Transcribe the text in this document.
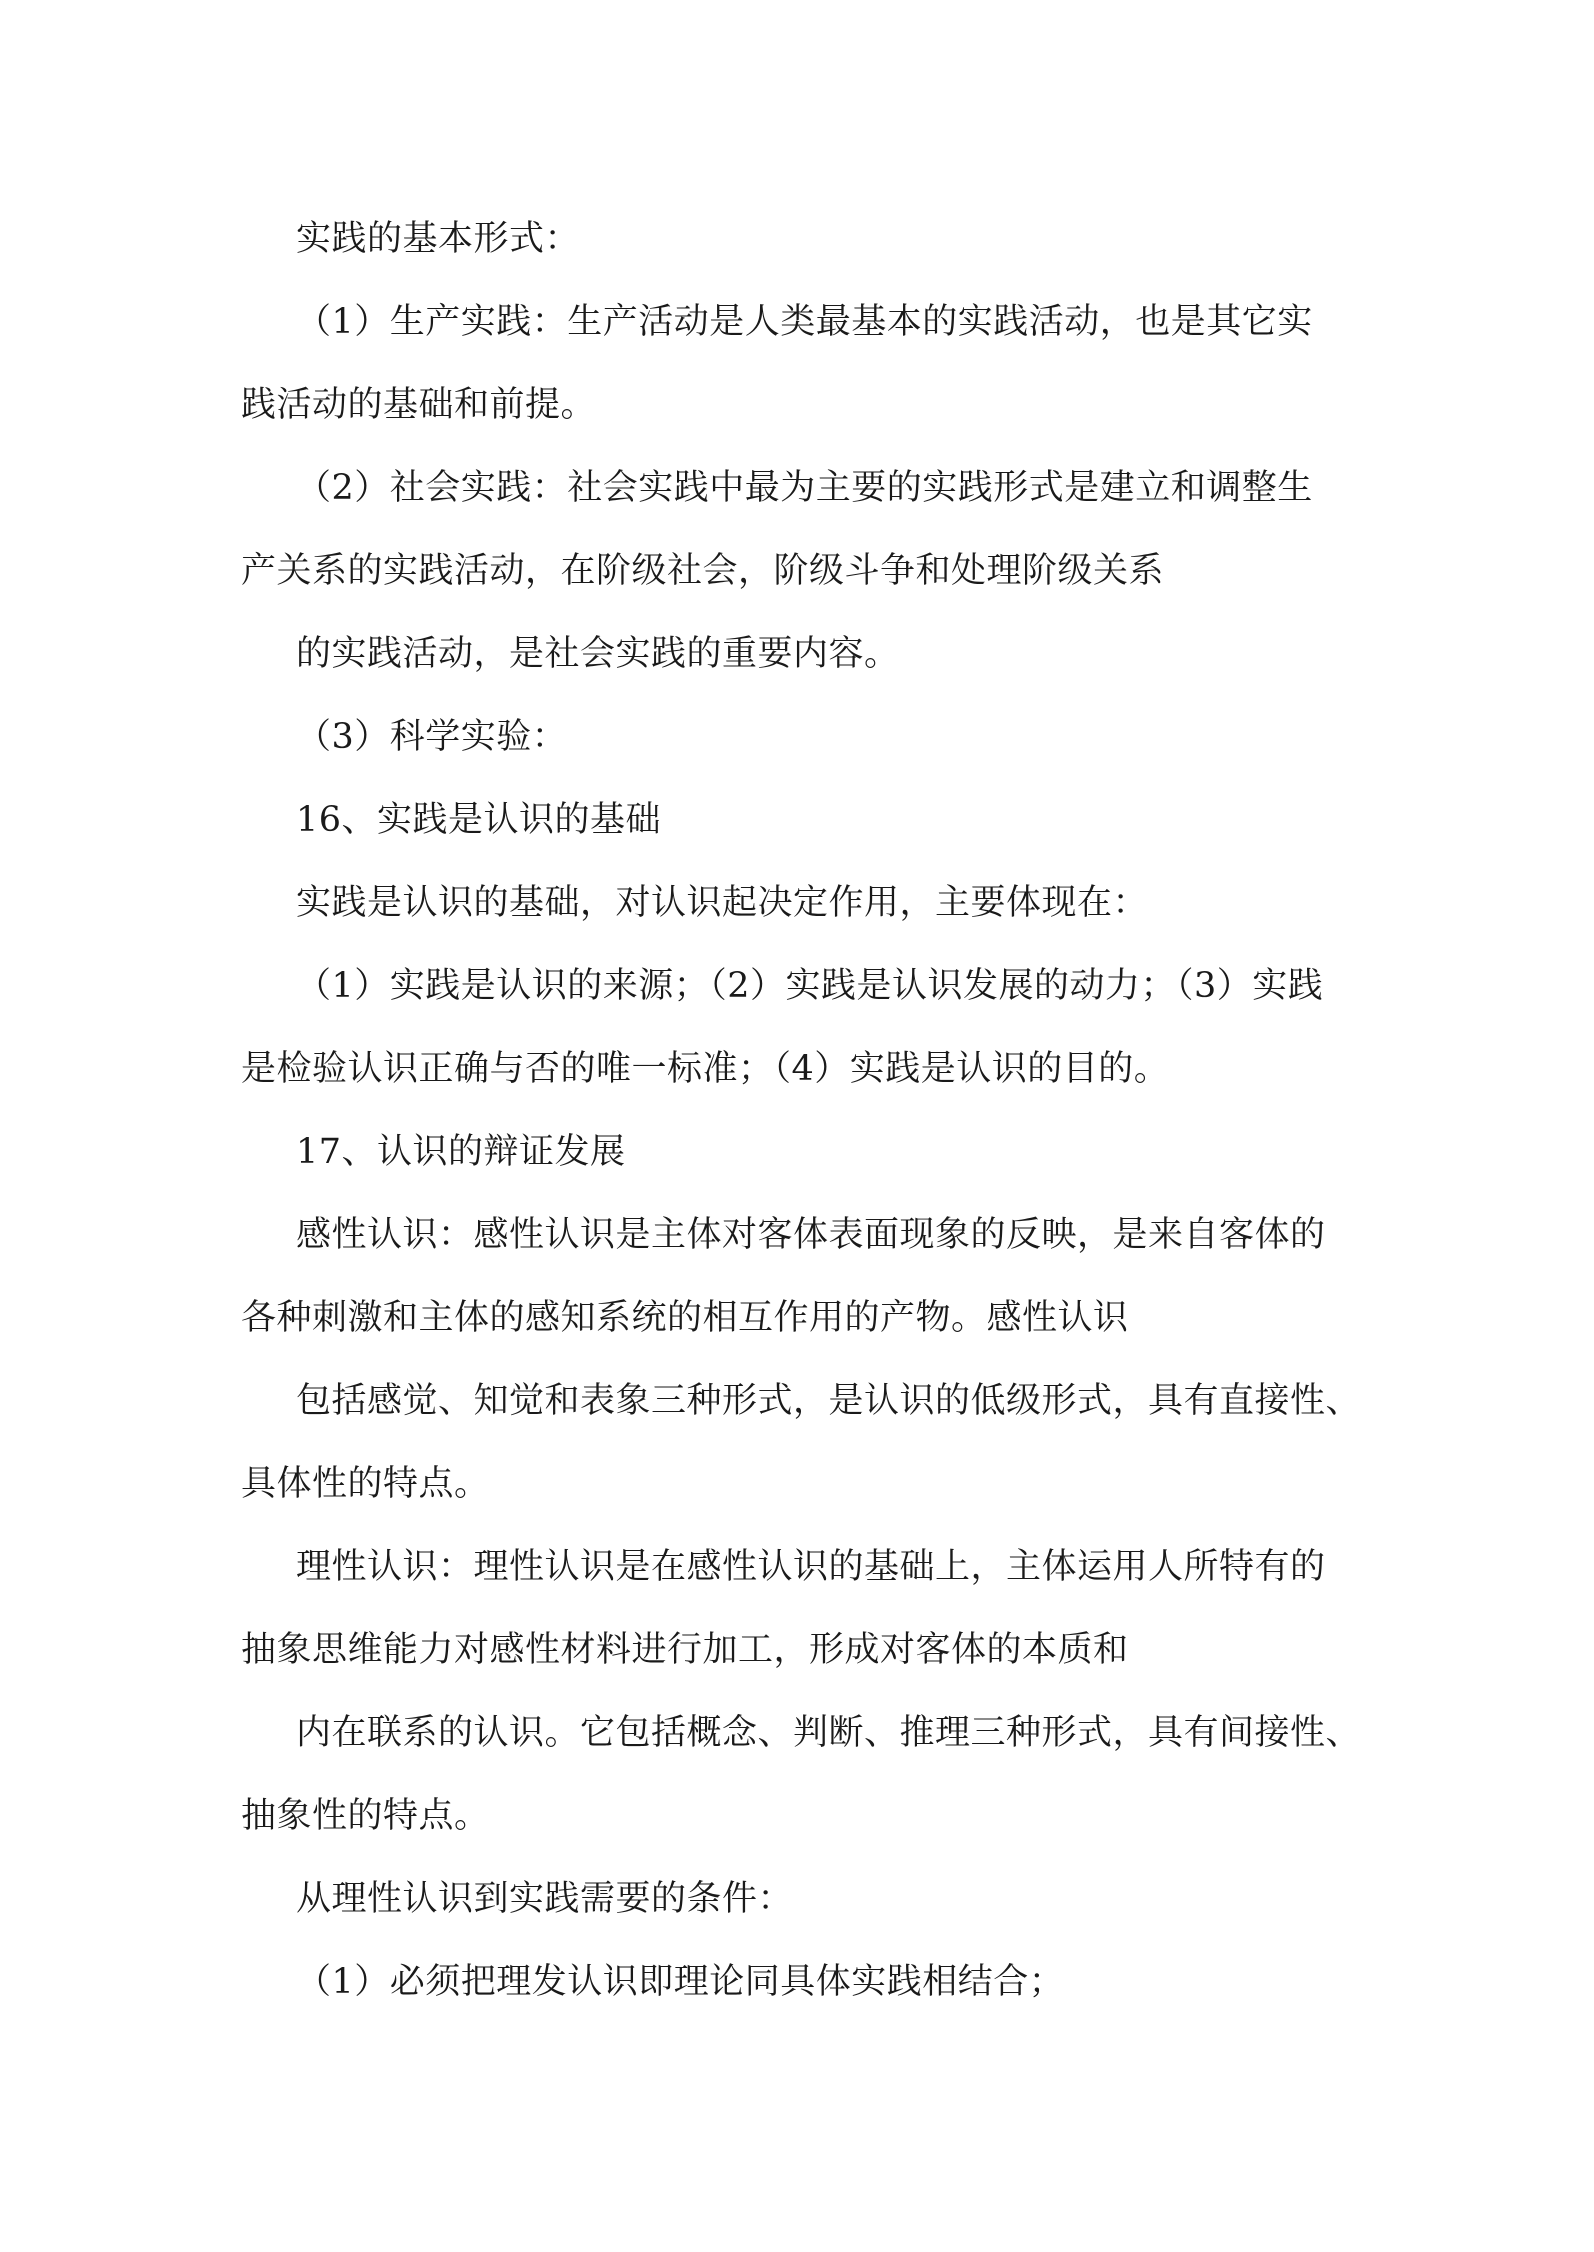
实践的基本形式：
（1）生产实践：生产活动是人类最基本的实践活动，也是其它实
践活动的基础和前提。
（2）社会实践：社会实践中最为主要的实践形式是建立和调整生
产关系的实践活动，在阶级社会，阶级斗争和处理阶级关系
的实践活动，是社会实践的重要内容。
（3）科学实验：
16、实践是认识的基础
实践是认识的基础，对认识起决定作用，主要体现在：
（1）实践是认识的来源；（2）实践是认识发展的动力；（3）实践
是检验认识正确与否的唯一标准；（4）实践是认识的目的。
17、认识的辩证发展
感性认识：感性认识是主体对客体表面现象的反映，是来自客体的
各种刺激和主体的感知系统的相互作用的产物。感性认识
包括感觉、知觉和表象三种形式，是认识的低级形式，具有直接性、
具体性的特点。
理性认识：理性认识是在感性认识的基础上，主体运用人所特有的
抽象思维能力对感性材料进行加工，形成对客体的本质和
内在联系的认识。它包括概念、判断、推理三种形式，具有间接性、
抽象性的特点。
从理性认识到实践需要的条件：
（1）必须把理发认识即理论同具体实践相结合；
